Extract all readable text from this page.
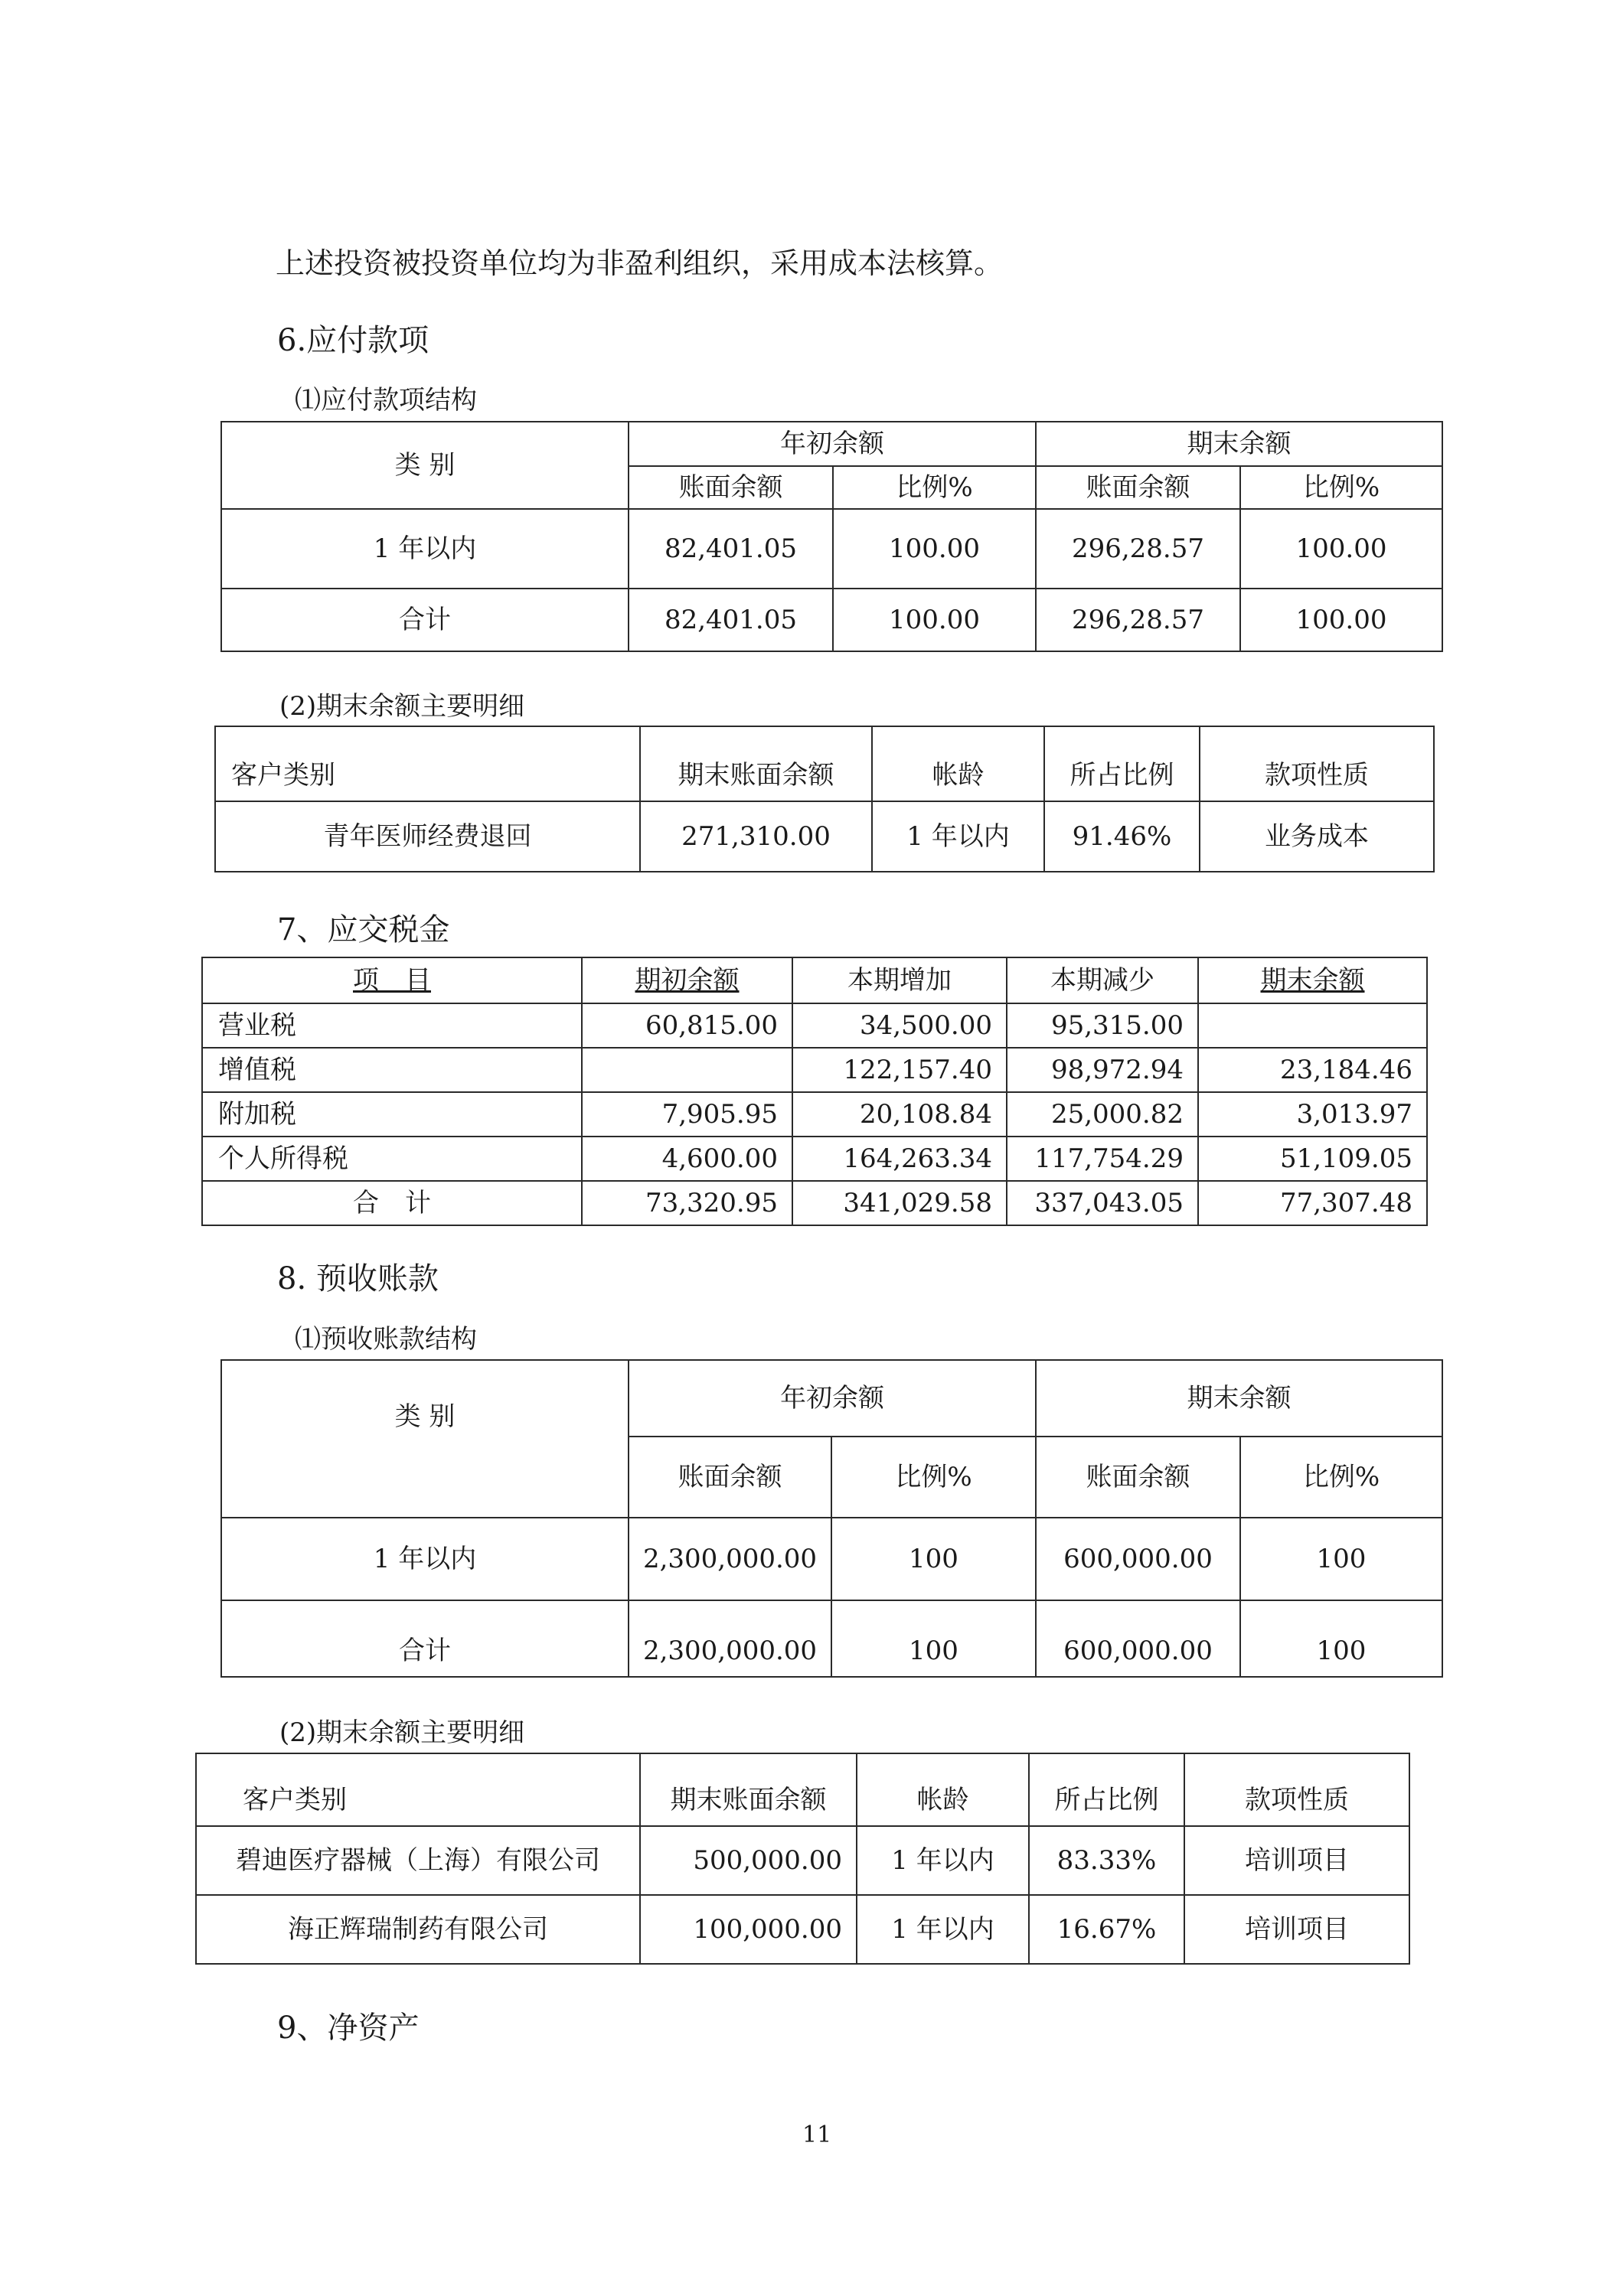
上述投资被投资单位均为非盈利组织，采用成本法核算。
6.应付款项
⑴应付款项结构
类 别	年初余额		期末余额	
	账面余额	比例%	账面余额	比例%
1 年以内	82,401.05	100.00	296,28.57	100.00
合计	82,401.05	100.00	296,28.57	100.00
(2)期末余额主要明细
客户类别	期末账面余额	帐龄	所占比例	款项性质
青年医师经费退回	271,310.00	1 年以内	91.46%	业务成本
7、应交税金
项　目	期初余额	本期增加	本期减少	期末余额
营业税	60,815.00	34,500.00	95,315.00	
增值税		122,157.40	98,972.94	23,184.46
附加税	7,905.95	20,108.84	25,000.82	3,013.97
个人所得税	4,600.00	164,263.34	117,754.29	51,109.05
合　计	73,320.95	341,029.58	337,043.05	77,307.48
8. 预收账款
⑴预收账款结构
类 别	年初余额		期末余额	
	账面余额	比例%	账面余额	比例%
1 年以内	2,300,000.00	100	600,000.00	100
合计	2,300,000.00	100	600,000.00	100
(2)期末余额主要明细
客户类别	期末账面余额	帐龄	所占比例	款项性质
碧迪医疗器械（上海）有限公司	500,000.00	1 年以内	83.33%	培训项目
海正辉瑞制药有限公司	100,000.00	1 年以内	16.67%	培训项目
9、净资产
11
